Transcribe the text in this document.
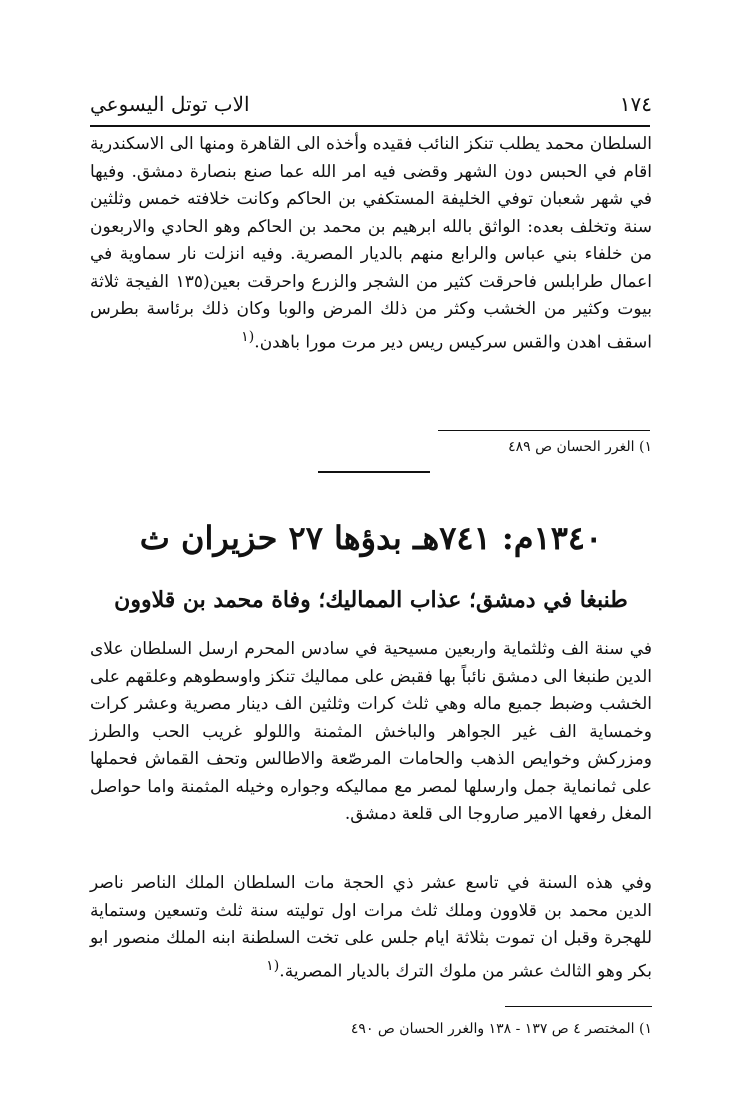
١٧٤
الاب توتل اليسوعي

السلطان محمد يطلب تنكز النائب فقيده وأخذه الى القاهرة ومنها الى الاسكندرية اقام في الحبس دون الشهر وقضى فيه امر الله عما صنع بنصارة دمشق. وفيها في شهر شعبان توفي الخليفة المستكفي بن الحاكم وكانت خلافته خمس وثلثين سنة وتخلف بعده: الواثق بالله ابرهيم بن محمد بن الحاكم وهو الحادي والاربعون من خلفاء بني عباس والرابع منهم بالديار المصرية. وفيه انزلت نار سماوية في اعمال طرابلس فاحرقت كثير من الشجر والزرع واحرقت بعين(١٣٥ الفيجة ثلاثة بيوت وكثير من الخشب وكثر من ذلك المرض والوبا وكان ذلك برئاسة بطرس اسقف اهدن والقس سركيس ريس دير مرت مورا باهدن.$^{(١}$

١) الغرر الحسان ص ٤٨٩
١٣٤٠م: ٧٤١هـ بدؤها ٢٧ حزيران ث
طنبغا في دمشق؛ عذاب المماليك؛ وفاة محمد بن قلاوون

في سنة الف وثلثماية واربعين مسيحية في سادس المحرم ارسل السلطان علاى الدين طنبغا الى دمشق نائباً بها فقبض على مماليك تنكز واوسطوهم وعلقهم على الخشب وضبط جميع ماله وهي ثلث كرات وثلثين الف دينار مصرية وعشر كرات وخمساية الف غير الجواهر والباخش المثمنة واللولو غريب الحب والطرز ومزركش وخوايص الذهب والحامات المرصّعة والاطالس وتحف القماش فحملها على ثمانماية جمل وارسلها لمصر مع مماليكه وجواره وخيله المثمنة واما حواصل المغل رفعها الامير صاروجا الى قلعة دمشق.

وفي هذه السنة في تاسع عشر ذي الحجة مات السلطان الملك الناصر ناصر الدين محمد بن قلاوون وملك ثلث مرات اول توليته سنة ثلث وتسعين وستماية للهجرة وقبل ان تموت بثلاثة ايام جلس على تخت السلطنة ابنه الملك منصور ابو بكر وهو الثالث عشر من ملوك الترك بالديار المصرية.$^{(١}$

١) المختصر ٤ ص ١٣٧ - ١٣٨ والغرر الحسان ص ٤٩٠
